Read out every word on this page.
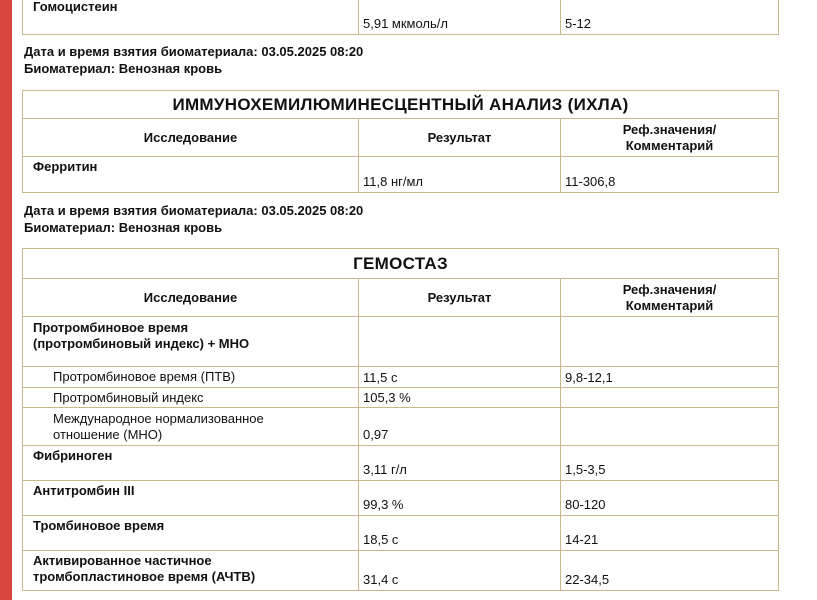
Гомоцистеин	5,91 мкмоль/л	5-12
Дата и время взятия биоматериала: 03.05.2025 08:20
Биоматериал: Венозная кровь
ИММУНОХЕМИЛЮМИНЕСЦЕНТНЫЙ АНАЛИЗ (ИХЛА)		
Исследование	Результат	Реф.значения/
Комментарий

Ферритин	11,8 нг/мл	11-306,8
Дата и время взятия биоматериала: 03.05.2025 08:20
Биоматериал: Венозная кровь
ГЕМОСТАЗ		
Исследование	Результат	Реф.значения/
Комментарий

Протромбиновое время
(протромбиновый индекс) + МНО		

Протромбиновое время (ПТВ)	11,5 с	9,8-12,1
Протромбиновый индекс	105,3 %	

Международное нормализованное
отношение (МНО)	0,97	
Фибриноген	3,11 г/л	1,5-3,5
Антитромбин III	99,3 %	80-120
Тромбиновое время	18,5 с	14-21

Активированное частичное
тромбопластиновое время (АЧТВ)	31,4 с	22-34,5
